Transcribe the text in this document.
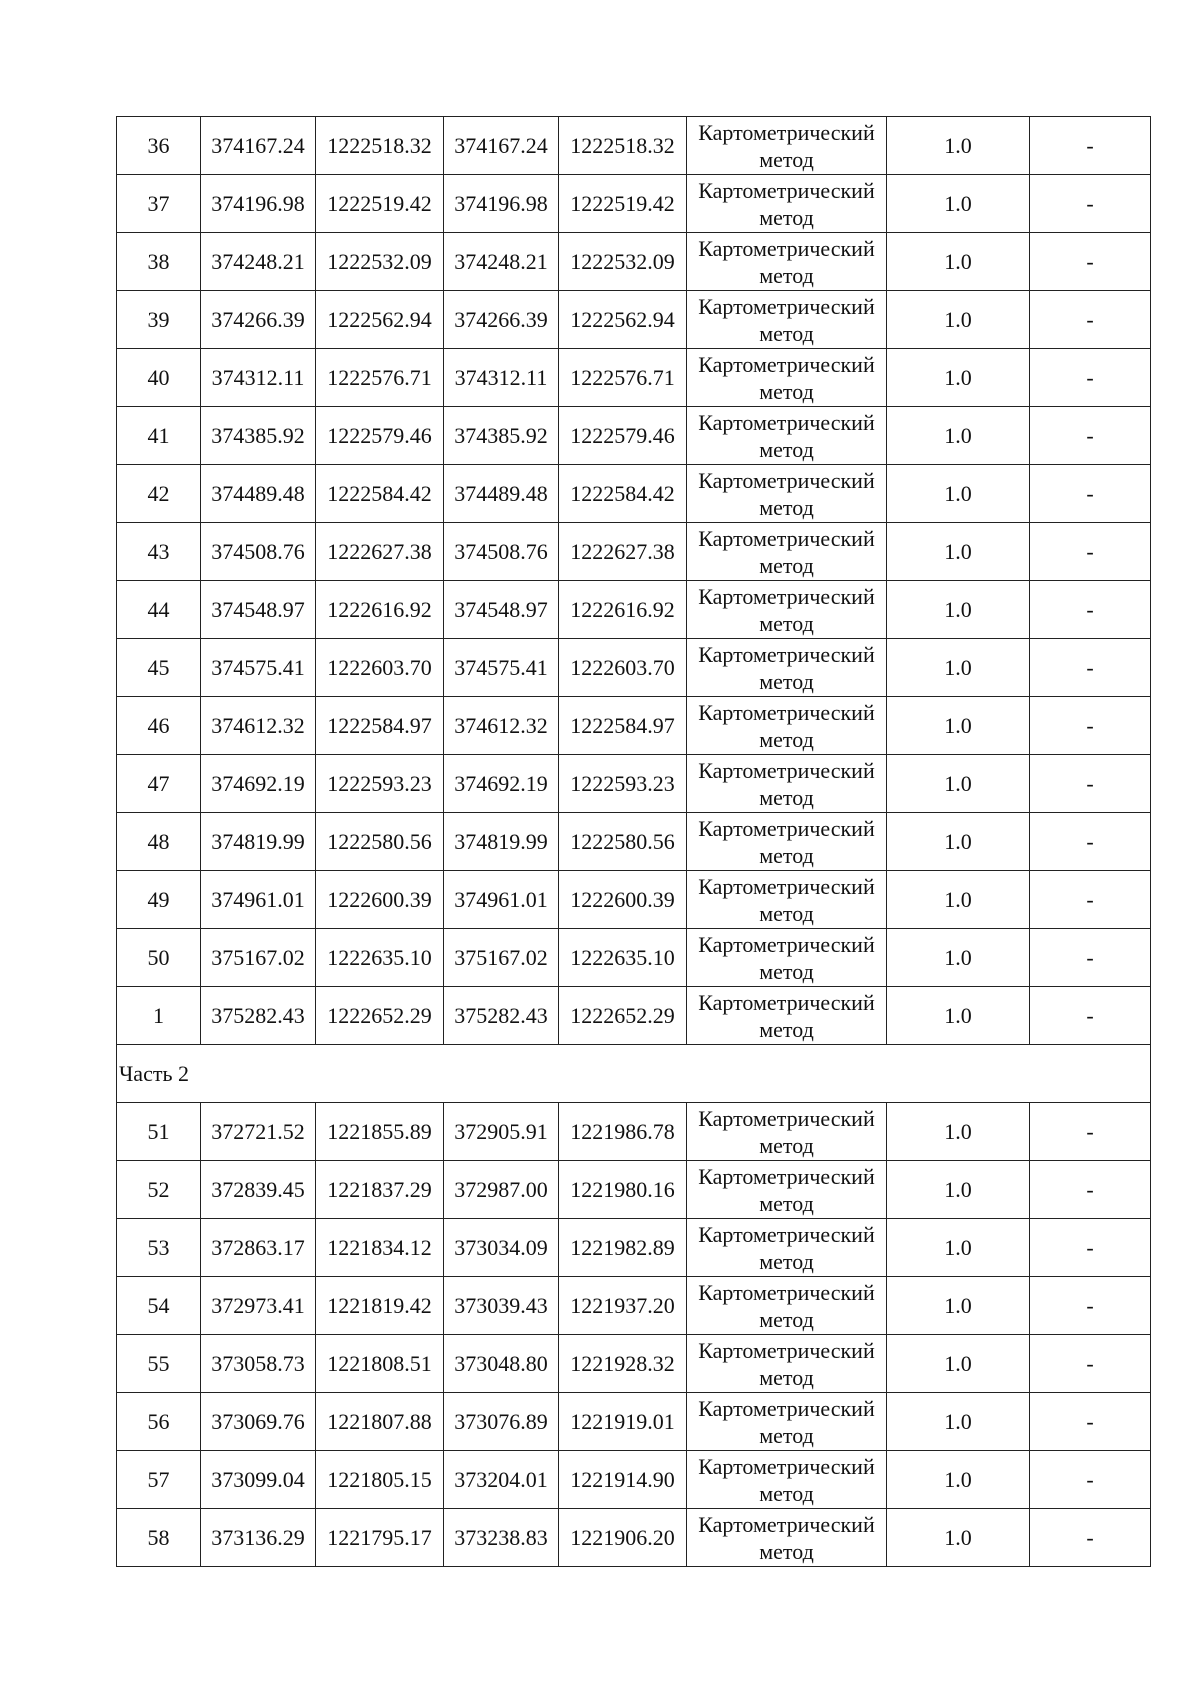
36	374167.24	1222518.32	374167.24	1222518.32	Картометрический метод	1.0	-
37	374196.98	1222519.42	374196.98	1222519.42	Картометрический метод	1.0	-
38	374248.21	1222532.09	374248.21	1222532.09	Картометрический метод	1.0	-
39	374266.39	1222562.94	374266.39	1222562.94	Картометрический метод	1.0	-
40	374312.11	1222576.71	374312.11	1222576.71	Картометрический метод	1.0	-
41	374385.92	1222579.46	374385.92	1222579.46	Картометрический метод	1.0	-
42	374489.48	1222584.42	374489.48	1222584.42	Картометрический метод	1.0	-
43	374508.76	1222627.38	374508.76	1222627.38	Картометрический метод	1.0	-
44	374548.97	1222616.92	374548.97	1222616.92	Картометрический метод	1.0	-
45	374575.41	1222603.70	374575.41	1222603.70	Картометрический метод	1.0	-
46	374612.32	1222584.97	374612.32	1222584.97	Картометрический метод	1.0	-
47	374692.19	1222593.23	374692.19	1222593.23	Картометрический метод	1.0	-
48	374819.99	1222580.56	374819.99	1222580.56	Картометрический метод	1.0	-
49	374961.01	1222600.39	374961.01	1222600.39	Картометрический метод	1.0	-
50	375167.02	1222635.10	375167.02	1222635.10	Картометрический метод	1.0	-
1	375282.43	1222652.29	375282.43	1222652.29	Картометрический метод	1.0	-
Часть 2							
51	372721.52	1221855.89	372905.91	1221986.78	Картометрический метод	1.0	-
52	372839.45	1221837.29	372987.00	1221980.16	Картометрический метод	1.0	-
53	372863.17	1221834.12	373034.09	1221982.89	Картометрический метод	1.0	-
54	372973.41	1221819.42	373039.43	1221937.20	Картометрический метод	1.0	-
55	373058.73	1221808.51	373048.80	1221928.32	Картометрический метод	1.0	-
56	373069.76	1221807.88	373076.89	1221919.01	Картометрический метод	1.0	-
57	373099.04	1221805.15	373204.01	1221914.90	Картометрический метод	1.0	-
58	373136.29	1221795.17	373238.83	1221906.20	Картометрический метод	1.0	-
